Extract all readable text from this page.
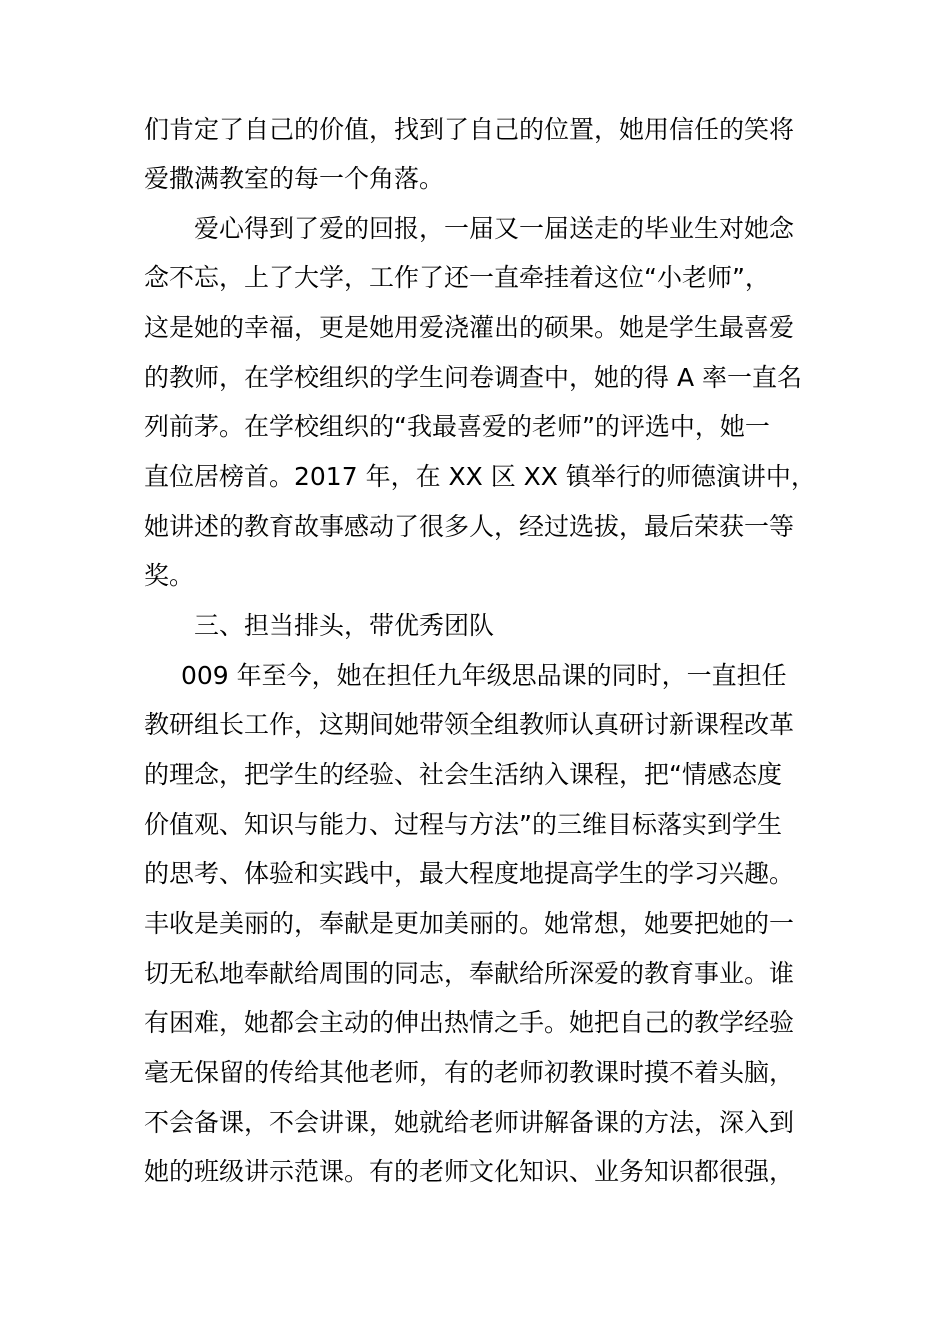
们肯定了自己的价值，找到了自己的位置，她用信任的笑将
爱撒满教室的每一个角落。
爱心得到了爱的回报，一届又一届送走的毕业生对她念
念不忘，上了大学，工作了还一直牵挂着这位“小老师”，
这是她的幸福，更是她用爱浇灌出的硕果。她是学生最喜爱
的教师，在学校组织的学生问卷调查中，她的得 A 率一直名
列前茅。在学校组织的“我最喜爱的老师”的评选中，她一
直位居榜首。2017 年，在 XX 区 XX 镇举行的师德演讲中，
她讲述的教育故事感动了很多人，经过选拔，最后荣获一等
奖。
三、担当排头，带优秀团队
009 年至今，她在担任九年级思品课的同时，一直担任
教研组长工作，这期间她带领全组教师认真研讨新课程改革
的理念，把学生的经验、社会生活纳入课程，把“情感态度
价值观、知识与能力、过程与方法”的三维目标落实到学生
的思考、体验和实践中，最大程度地提高学生的学习兴趣。
丰收是美丽的，奉献是更加美丽的。她常想，她要把她的一
切无私地奉献给周围的同志，奉献给所深爱的教育事业。谁
有困难，她都会主动的伸出热情之手。她把自己的教学经验
毫无保留的传给其他老师，有的老师初教课时摸不着头脑，
不会备课，不会讲课，她就给老师讲解备课的方法，深入到
她的班级讲示范课。有的老师文化知识、业务知识都很强，
